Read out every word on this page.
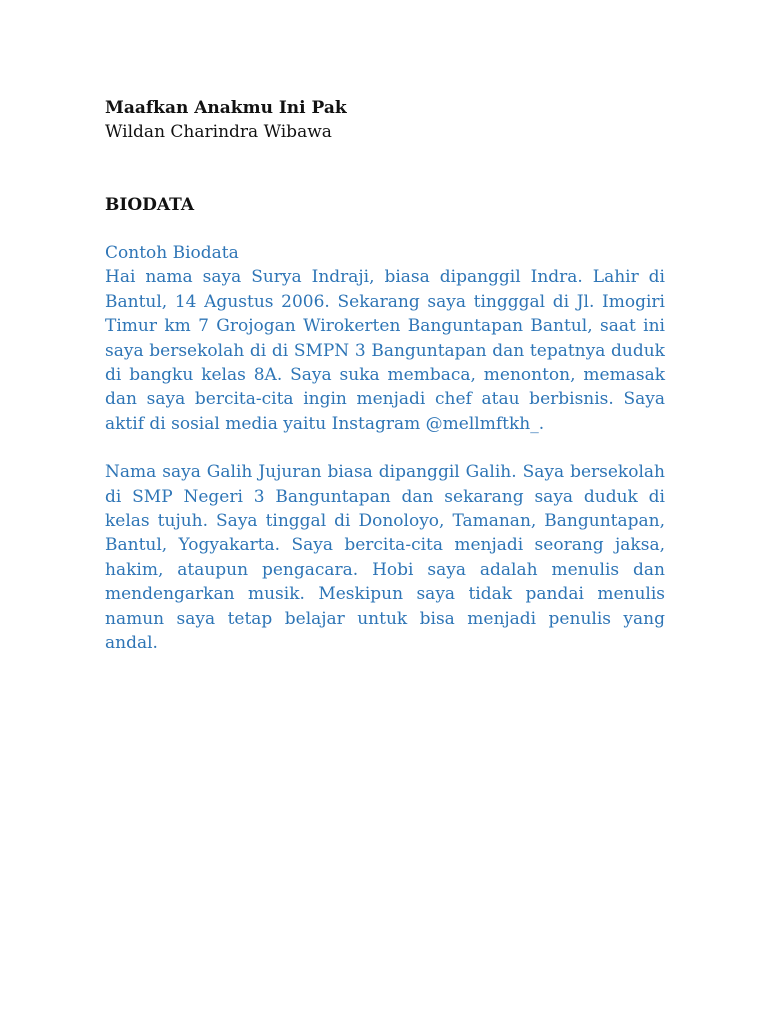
Maafkan Anakmu Ini Pak

Wildan Charindra Wibawa

BIODATA

Contoh Biodata

Hai nama saya Surya Indraji, biasa dipanggil Indra. Lahir di Bantul, 14 Agustus 2006. Sekarang saya tingggal di Jl. Imogiri Timur km 7 Grojogan Wirokerten Banguntapan Bantul, saat ini saya bersekolah di di SMPN 3 Banguntapan dan tepatnya duduk di bangku kelas 8A. Saya suka membaca, menonton, memasak dan saya bercita-cita ingin menjadi chef atau berbisnis. Saya aktif di sosial media yaitu Instagram @mellmftkh_.

Nama saya Galih Jujuran biasa dipanggil Galih. Saya bersekolah di SMP Negeri 3 Banguntapan dan sekarang saya duduk di kelas tujuh. Saya tinggal di Donoloyo, Tamanan, Banguntapan, Bantul, Yogyakarta. Saya bercita-cita menjadi seorang jaksa, hakim, ataupun pengacara. Hobi saya adalah menulis dan mendengarkan musik. Meskipun saya tidak pandai menulis namun saya tetap belajar untuk bisa menjadi penulis yang andal.
